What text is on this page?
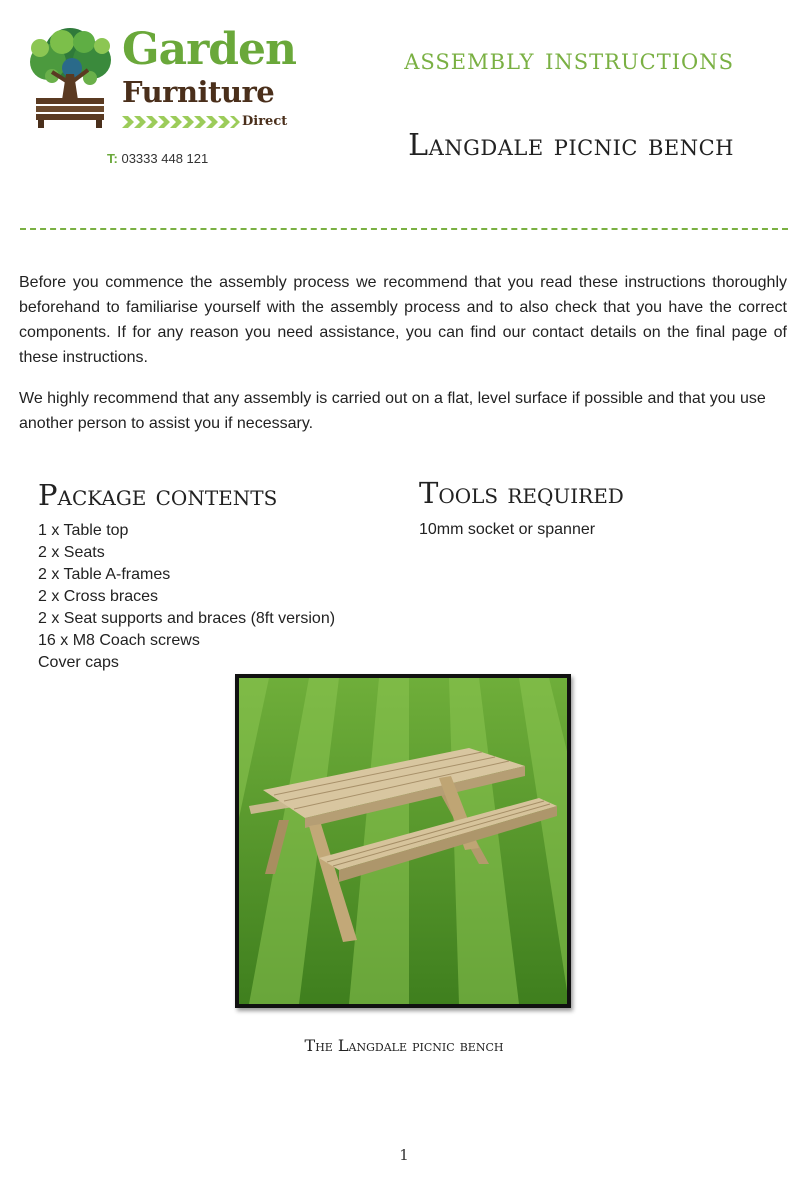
Garden
Furniture
Direct
T: 03333 448 121
assembly instructions
Langdale picnic bench

Before you commence the assembly process we recommend that you read these instructions thoroughly beforehand to familiarise yourself with the assembly process and to also check that you have the correct components. If for any reason you need assistance, you can find our contact details on the final page of these instructions.

We highly recommend that any assembly is carried out on a flat, level surface if possible and that you use another person to assist you if necessary.

Package contents
1 x Table top
2 x Seats
2 x Table A-frames
2 x Cross braces
2 x Seat supports and braces (8ft version)
16 x M8 Coach screws
Cover caps
Tools required
10mm socket or spanner
The Langdale picnic bench
1
